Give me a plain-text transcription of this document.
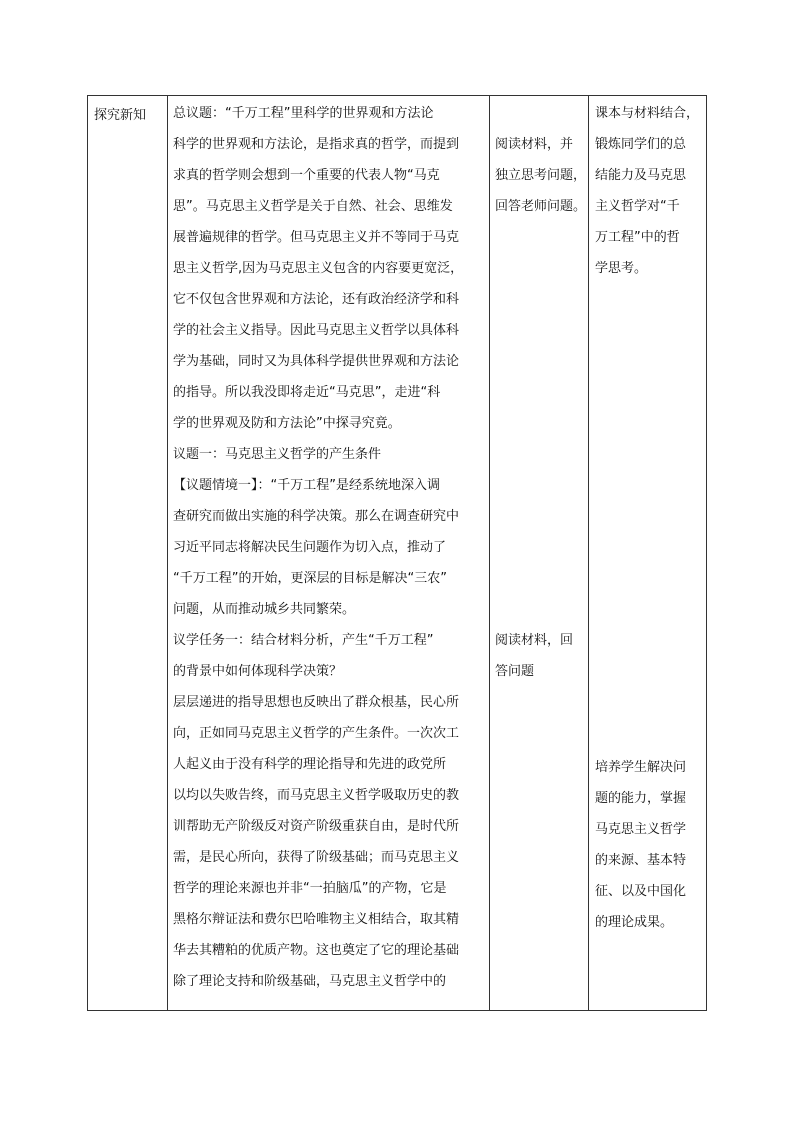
探究新知	总议题：“千万工程”里科学的世界观和方法论
科学的世界观和方法论，是指求真的哲学，而提到
求真的哲学则会想到一个重要的代表人物“马克
思”。马克思主义哲学是关于自然、社会、思维发
展普遍规律的哲学。但马克思主义并不等同于马克
思主义哲学,因为马克思主义包含的内容要更宽泛，
它不仅包含世界观和方法论，还有政治经济学和科
学的社会主义指导。因此马克思主义哲学以具体科
学为基础，同时又为具体科学提供世界观和方法论
的指导。所以我没即将走近“马克思”，走进“科
学的世界观及防和方法论”中探寻究竟。
议题一：马克思主义哲学的产生条件
【议题情境一】：“千万工程”是经系统地深入调
查研究而做出实施的科学决策。那么在调查研究中
习近平同志将解决民生问题作为切入点，推动了
“千万工程”的开始，更深层的目标是解决“三农”
问题，从而推动城乡共同繁荣。
议学任务一：结合材料分析，产生“千万工程”
的背景中如何体现科学决策？
层层递进的指导思想也反映出了群众根基，民心所
向，正如同马克思主义哲学的产生条件。一次次工
人起义由于没有科学的理论指导和先进的政党所
以均以失败告终，而马克思主义哲学吸取历史的教
训帮助无产阶级反对资产阶级重获自由，是时代所
需，是民心所向，获得了阶级基础；而马克思主义
哲学的理论来源也并非“一拍脑瓜”的产物，它是
黑格尔辩证法和费尔巴哈唯物主义相结合，取其精
华去其糟粕的优质产物。这也奠定了它的理论基础
除了理论支持和阶级基础，马克思主义哲学中的
阅读材料，并
独立思考问题，
回答老师问题。
阅读材料，回
答问题
课本与材料结合，
锻炼同学们的总
结能力及马克思
主义哲学对“千
万工程”中的哲
学思考。
培养学生解决问
题的能力，掌握
马克思主义哲学
的来源、基本特
征、以及中国化
的理论成果。
